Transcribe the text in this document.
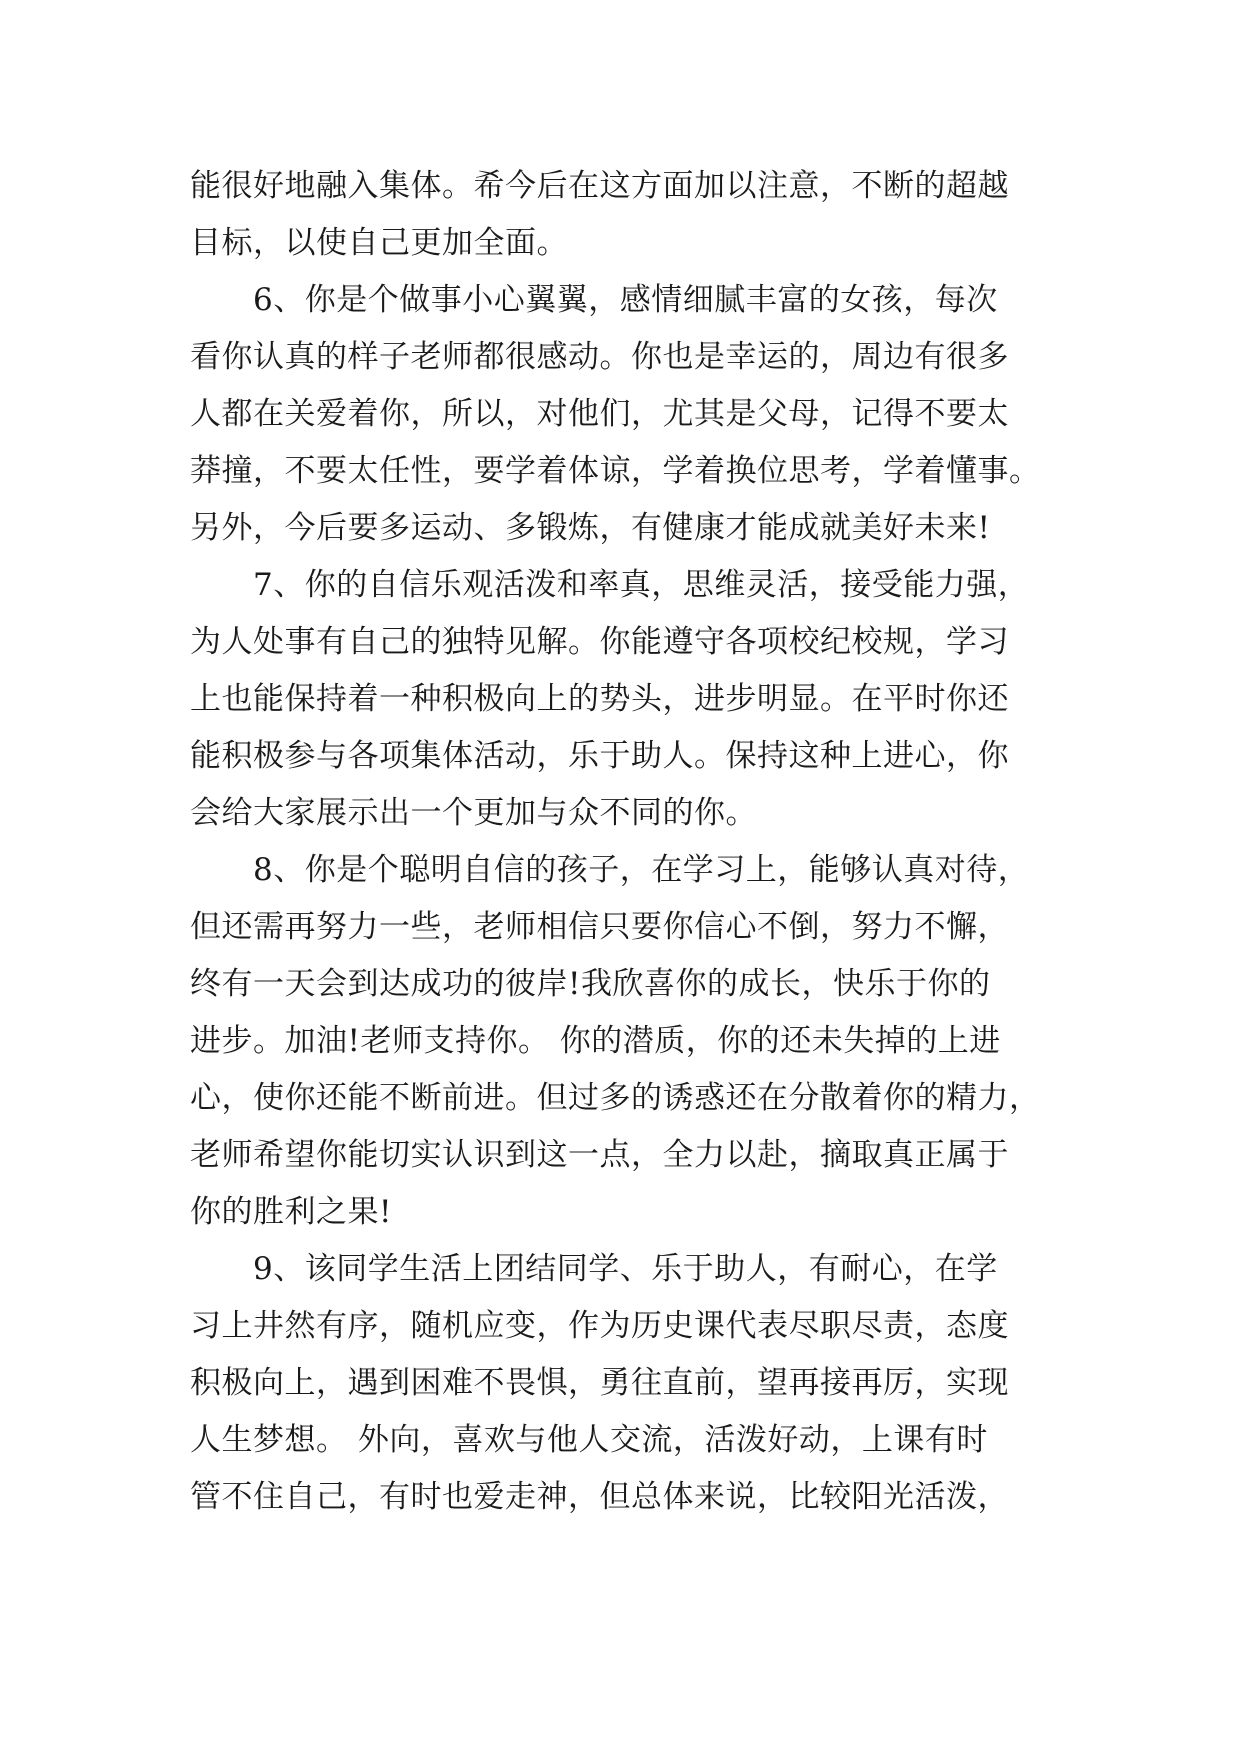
能很好地融入集体。希今后在这方面加以注意，不断的超越
目标，以使自己更加全面。
　　6、你是个做事小心翼翼，感情细腻丰富的女孩，每次
看你认真的样子老师都很感动。你也是幸运的，周边有很多
人都在关爱着你，所以，对他们，尤其是父母，记得不要太
莽撞，不要太任性，要学着体谅，学着换位思考，学着懂事。
另外，今后要多运动、多锻炼，有健康才能成就美好未来!
　　7、你的自信乐观活泼和率真，思维灵活，接受能力强，
为人处事有自己的独特见解。你能遵守各项校纪校规，学习
上也能保持着一种积极向上的势头，进步明显。在平时你还
能积极参与各项集体活动，乐于助人。保持这种上进心，你
会给大家展示出一个更加与众不同的你。
　　8、你是个聪明自信的孩子，在学习上，能够认真对待，
但还需再努力一些，老师相信只要你信心不倒，努力不懈，
终有一天会到达成功的彼岸!我欣喜你的成长，快乐于你的
进步。加油!老师支持你。 你的潜质，你的还未失掉的上进
心，使你还能不断前进。但过多的诱惑还在分散着你的精力，
老师希望你能切实认识到这一点，全力以赴，摘取真正属于
你的胜利之果!
　　9、该同学生活上团结同学、乐于助人，有耐心，在学
习上井然有序，随机应变，作为历史课代表尽职尽责，态度
积极向上，遇到困难不畏惧，勇往直前，望再接再厉，实现
人生梦想。 外向，喜欢与他人交流，活泼好动，上课有时
管不住自己，有时也爱走神，但总体来说，比较阳光活泼，
